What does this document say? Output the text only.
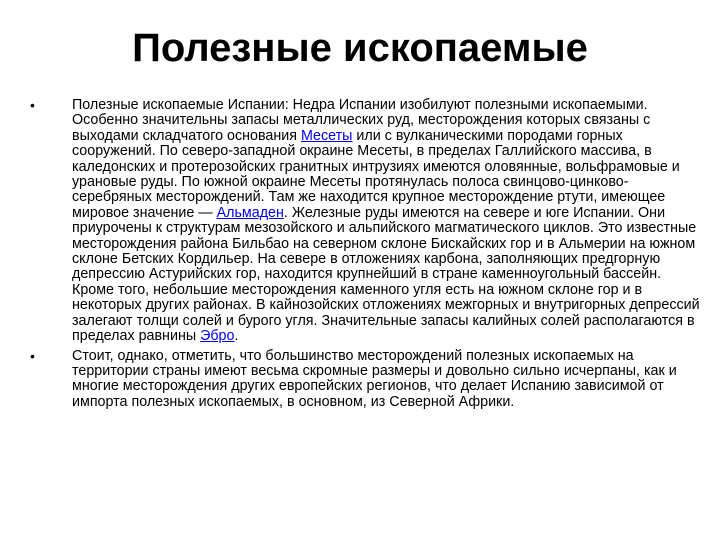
Полезные ископаемые
•	Полезные ископаемые Испании: Недра Испании изобилуют полезными ископаемыми. Особенно значительны запасы металлических руд, месторождения которых связаны с выходами складчатого основания Месеты или с вулканическими породами горных сооружений. По северо-западной окраине Месеты, в пределах Галлийского массива, в каледонских и протерозойских гранитных интрузиях имеются оловянные, вольфрамовые и урановые руды. По южной окраине Месеты протянулась полоса свинцово-цинково-серебряных месторождений. Там же находится крупное месторождение ртути, имеющее мировое значение — Альмаден. Железные руды имеются на севере и юге Испании. Они приурочены к структурам мезозойского и альпийского магматического циклов. Это известные месторождения района Бильбао на северном склоне Бискайских гор и в Альмерии на южном склоне Бетских Кордильер. На севере в отложениях карбона, заполняющих предгорную депрессию Астурийских гор, находится крупнейший в стране каменноугольный бассейн. Кроме того, небольшие месторождения каменного угля есть на южном склоне гор и в некоторых других районах. В кайнозойских отложениях межгорных и внутригорных депрессий залегают толщи солей и бурого угля. Значительные запасы калийных солей располагаются в пределах равнины Эбро.
•	Стоит, однако, отметить, что большинство месторождений полезных ископаемых на территории страны имеют весьма скромные размеры и довольно сильно исчерпаны, как и многие месторождения других европейских регионов, что делает Испанию зависимой от импорта полезных ископаемых, в основном, из Северной Африки.
